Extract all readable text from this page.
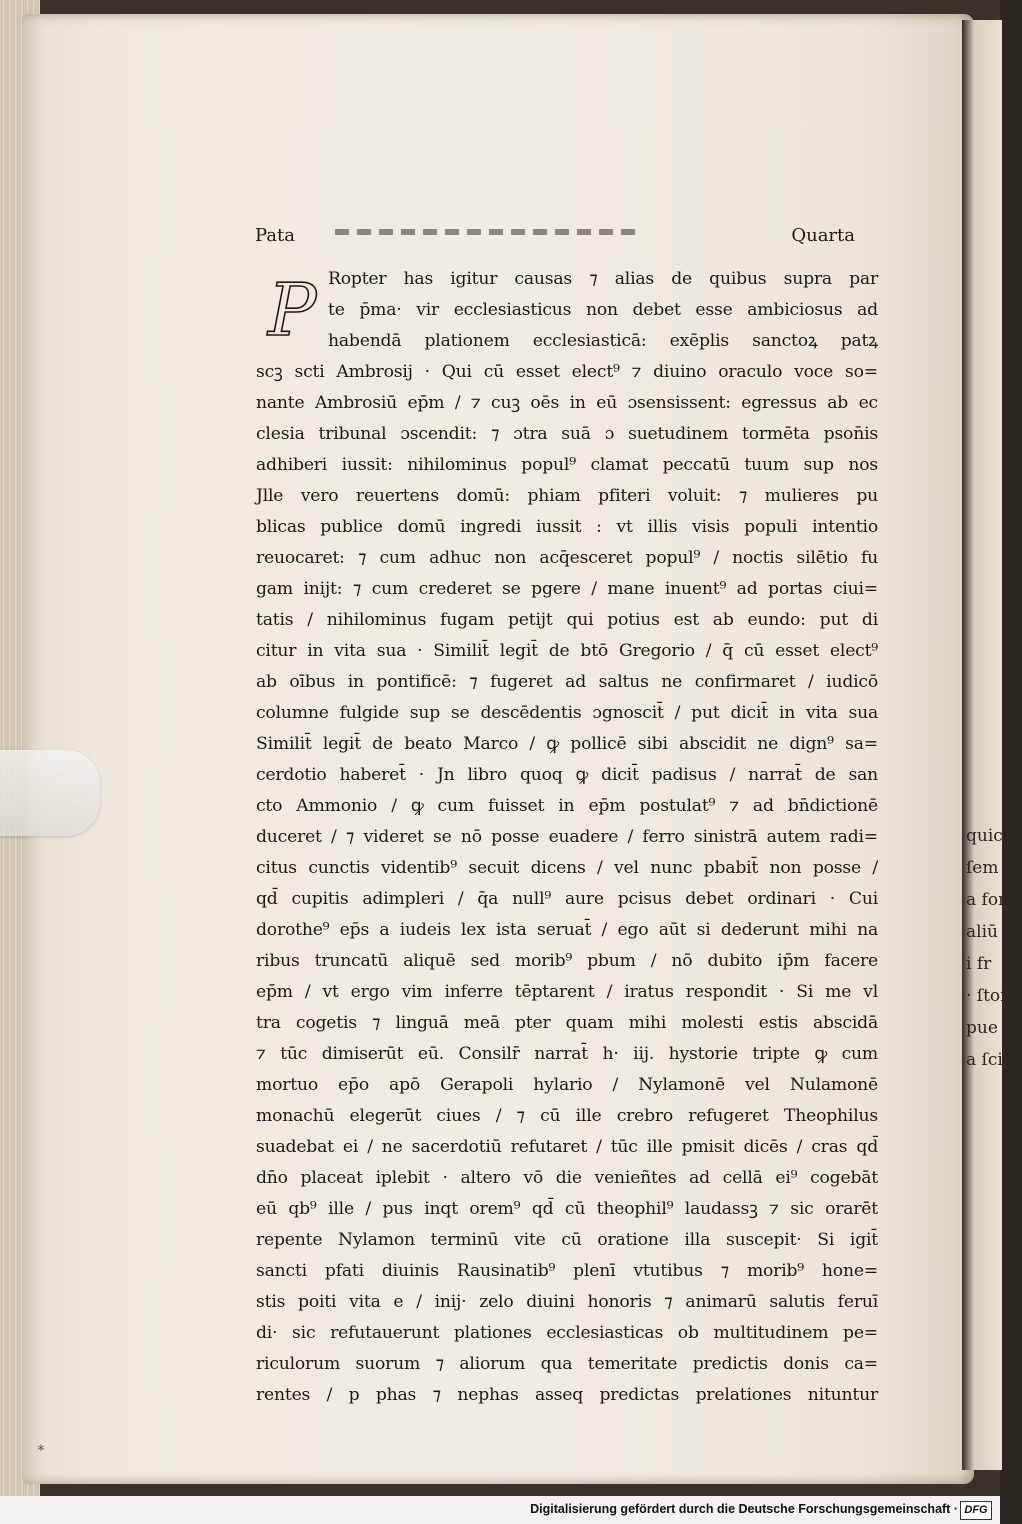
quicq
ſem f
a fore
aliū
i fr
· ſtoi
pue ar
a ſci
Pata	Quarta
P Ropter has igitur causas ⁊ alias de quibus supra par
te p̄ma· vir ecclesiasticus non debet esse ambiciosus ad
habendā plationem ecclesiasticā: exēplis sanctoꝝ patꝝ
scꝫ scti Ambrosij · Qui cū esset elect⁹ ⁊ diuino oraculo voce so=
nante Ambrosiū ep̄m / ⁊ cuꝫ oēs in eū ɔsensissent: egressus ab ec
clesia tribunal ɔscendit: ⁊ ɔtra suā ɔ suetudinem tormēta pson̄is
adhiberi iussit: nihilominus popul⁹ clamat peccatū tuum sup nos
Jlle vero reuertens domū: phiam pfiteri voluit: ⁊ mulieres pu
blicas publice domū ingredi iussit : vt illis visis populi intentio
reuocaret: ⁊ cum adhuc non acq̄esceret popul⁹ / noctis silētio fu
gam inijt: ⁊ cum crederet se pgere / mane inuent⁹ ad portas ciui=
tatis / nihilominus fugam petijt qui potius est ab eundo: put di
citur in vita sua · Similit̄ legit̄ de btō Gregorio / q̄ cū esset elect⁹
ab oībus in pontificē: ⁊ fugeret ad saltus ne confirmaret / iudicō
columne fulgide sup se descēdentis ɔgnoscit̄ / put dicit̄ in vita sua
Similit̄ legit̄ de beato Marco / ꝙ pollicē sibi abscidit ne dign⁹ sa=
cerdotio haberet̄ · Jn libro quoq ꝙ dicit̄ padisus / narrat̄ de san
cto Ammonio / ꝙ cum fuisset in ep̄m postulat⁹ ⁊ ad bn̄dictionē
duceret / ⁊ videret se nō posse euadere / ferro sinistrā autem radi=
citus cunctis videntib⁹ secuit dicens / vel nunc pbabit̄ non posse /
qd̄ cupitis adimpleri / q̄a null⁹ aure pcisus debet ordinari · Cui
dorothe⁹ ep̄s a iudeis lex ista seruat̄ / ego aūt si dederunt mihi na
ribus truncatū aliquē sed morib⁹ pbum / nō dubito ip̄m facere
ep̄m / vt ergo vim inferre tēptarent / iratus respondit · Si me vl
tra cogetis ⁊ linguā meā pter quam mihi molesti estis abscidā
⁊ tūc dimiserūt eū. Consilr̄ narrat̄ h· iij. hystorie tripte ꝙ cum
mortuo ep̄o apō Gerapoli hylario / Nylamonē vel Nulamonē
monachū elegerūt ciues / ⁊ cū ille crebro refugeret Theophilus
suadebat ei / ne sacerdotiū refutaret / tūc ille pmisit dicēs / cras qd̄
dn̄o placeat iplebit · altero vō die venieñtes ad cellā ei⁹ cogebāt
eū qb⁹ ille / pus inqt orem⁹ qd̄ cū theophil⁹ laudassꝫ ⁊ sic orarēt
repente Nylamon terminū vite cū oratione illa suscepit· Si igit̄
sancti pfati diuinis Rausinatib⁹ plenī vtutibus ⁊ morib⁹ hone=
stis poiti vita e / inij· zelo diuini honoris ⁊ animarū salutis feruī
di· sic refutauerunt plationes ecclesiasticas ob multitudinem pe=
riculorum suorum ⁊ aliorum qua temeritate predictis donis ca=
rentes / p phas ⁊ nephas asseq predictas prelationes nituntur
∗
Digitalisierung gefördert durch die Deutsche Forschungsgemeinschaft · DFG
